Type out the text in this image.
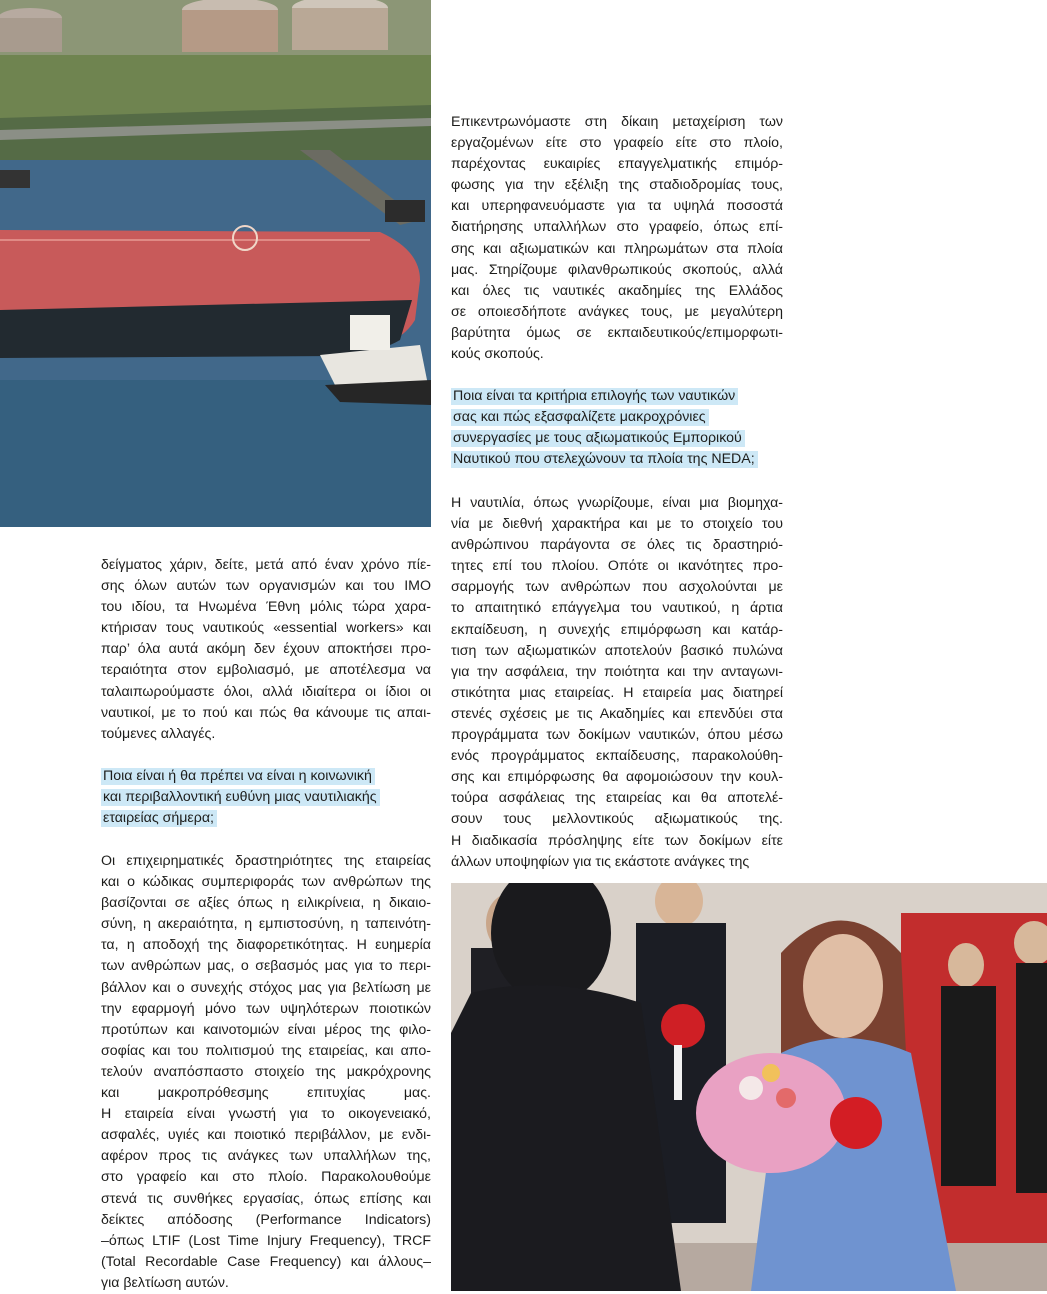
Επικεντρωνόμαστε στη δίκαιη μεταχείριση των
εργαζομένων είτε στο γραφείο είτε στο πλοίο,
παρέχοντας ευκαιρίες επαγγελματικής επιμόρ-
φωσης για την εξέλιξη της σταδιοδρομίας τους,
και υπερηφανευόμαστε για τα υψηλά ποσοστά
διατήρησης υπαλλήλων στο γραφείο, όπως επί-
σης και αξιωματικών και πληρωμάτων στα πλοία
μας. Στηρίζουμε φιλανθρωπικούς σκοπούς, αλλά
και όλες τις ναυτικές ακαδημίες της Ελλάδος
σε οποιεσδήποτε ανάγκες τους, με μεγαλύτερη
βαρύτητα όμως σε εκπαιδευτικούς/επιμορφωτι-
κούς σκοπούς.

Ποια είναι τα κριτήρια επιλογής των ναυτικών
σας και πώς εξασφαλίζετε μακροχρόνιες
συνεργασίες με τους αξιωματικούς Εμπορικού
Ναυτικού που στελεχώνουν τα πλοία της NEDA;

Η ναυτιλία, όπως γνωρίζουμε, είναι μια βιομηχα-
νία με διεθνή χαρακτήρα και με το στοιχείο του
ανθρώπινου παράγοντα σε όλες τις δραστηριό-
τητες επί του πλοίου. Οπότε οι ικανότητες προ-
σαρμογής των ανθρώπων που ασχολούνται με
το απαιτητικό επάγγελμα του ναυτικού, η άρτια
εκπαίδευση, η συνεχής επιμόρφωση και κατάρ-
τιση των αξιωματικών αποτελούν βασικό πυλώνα
για την ασφάλεια, την ποιότητα και την ανταγωνι-
στικότητα μιας εταιρείας. Η εταιρεία μας διατηρεί
στενές σχέσεις με τις Ακαδημίες και επενδύει στα
προγράμματα των δοκίμων ναυτικών, όπου μέσω
ενός προγράμματος εκπαίδευσης, παρακολούθη-
σης και επιμόρφωσης θα αφομοιώσουν την κουλ-
τούρα ασφάλειας της εταιρείας και θα αποτελέ-
σουν τους μελλοντικούς αξιωματικούς της.
Η διαδικασία πρόσληψης είτε των δοκίμων είτε
άλλων υποψηφίων για τις εκάστοτε ανάγκες της

δείγματος χάριν, δείτε, μετά από έναν χρόνο πίε-
σης όλων αυτών των οργανισμών και του IMO
του ιδίου, τα Ηνωμένα Έθνη μόλις τώρα χαρα-
κτήρισαν τους ναυτικούς «essential workers» και
παρ’ όλα αυτά ακόμη δεν έχουν αποκτήσει προ-
τεραιότητα στον εμβολιασμό, με αποτέλεσμα να
ταλαιπωρούμαστε όλοι, αλλά ιδιαίτερα οι ίδιοι οι
ναυτικοί, με το πού και πώς θα κάνουμε τις απαι-
τούμενες αλλαγές.

Ποια είναι ή θα πρέπει να είναι η κοινωνική
και περιβαλλοντική ευθύνη μιας ναυτιλιακής
εταιρείας σήμερα;

Οι επιχειρηματικές δραστηριότητες της εταιρείας
και ο κώδικας συμπεριφοράς των ανθρώπων της
βασίζονται σε αξίες όπως η ειλικρίνεια, η δικαιο-
σύνη, η ακεραιότητα, η εμπιστοσύνη, η ταπεινότη-
τα, η αποδοχή της διαφορετικότητας. Η ευημερία
των ανθρώπων μας, ο σεβασμός μας για το περι-
βάλλον και ο συνεχής στόχος μας για βελτίωση με
την εφαρμογή μόνο των υψηλότερων ποιοτικών
προτύπων και καινοτομιών είναι μέρος της φιλο-
σοφίας και του πολιτισμού της εταιρείας, και απο-
τελούν αναπόσπαστο στοιχείο της μακρόχρονης
και μακροπρόθεσμης επιτυχίας μας.
Η εταιρεία είναι γνωστή για το οικογενειακό,
ασφαλές, υγιές και ποιοτικό περιβάλλον, με ενδι-
αφέρον προς τις ανάγκες των υπαλλήλων της,
στο γραφείο και στο πλοίο. Παρακολουθούμε
στενά τις συνθήκες εργασίας, όπως επίσης και
δείκτες απόδοσης (Performance Indicators)
–όπως LTIF (Lost Time Injury Frequency), TRCF
(Total Recordable Case Frequency) και άλλους–
για βελτίωση αυτών.
